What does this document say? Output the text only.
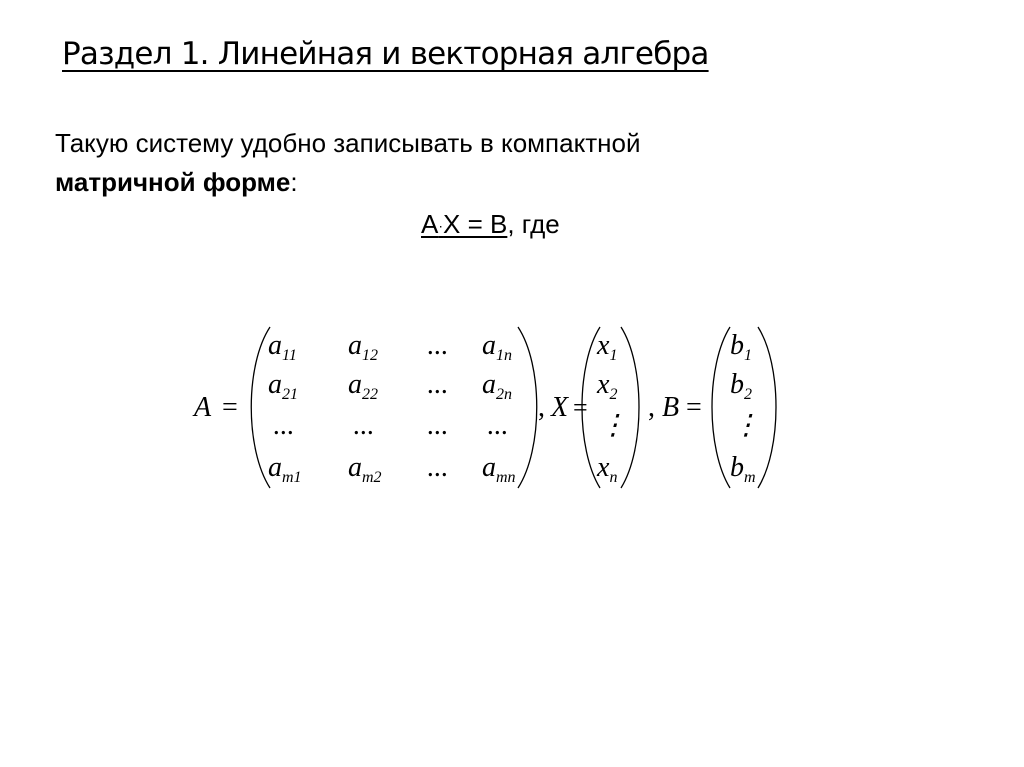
Раздел 1. Линейная и векторная алгебра

Такую систему удобно записывать в компактной
матричной форме:

A·X = B, где

A =	, X = , B =
$a_{11}$ $a_{12}$ ... $a_{1n}$
$a_{21}$ $a_{22}$ ... $a_{2n}$
... ... ... ...
$a_{m1}$ $a_{m2}$ ... $a_{mn}$
$x_1$
$x_2$
⋮
$x_n$
$b_1$
$b_2$
⋮
$b_m$
